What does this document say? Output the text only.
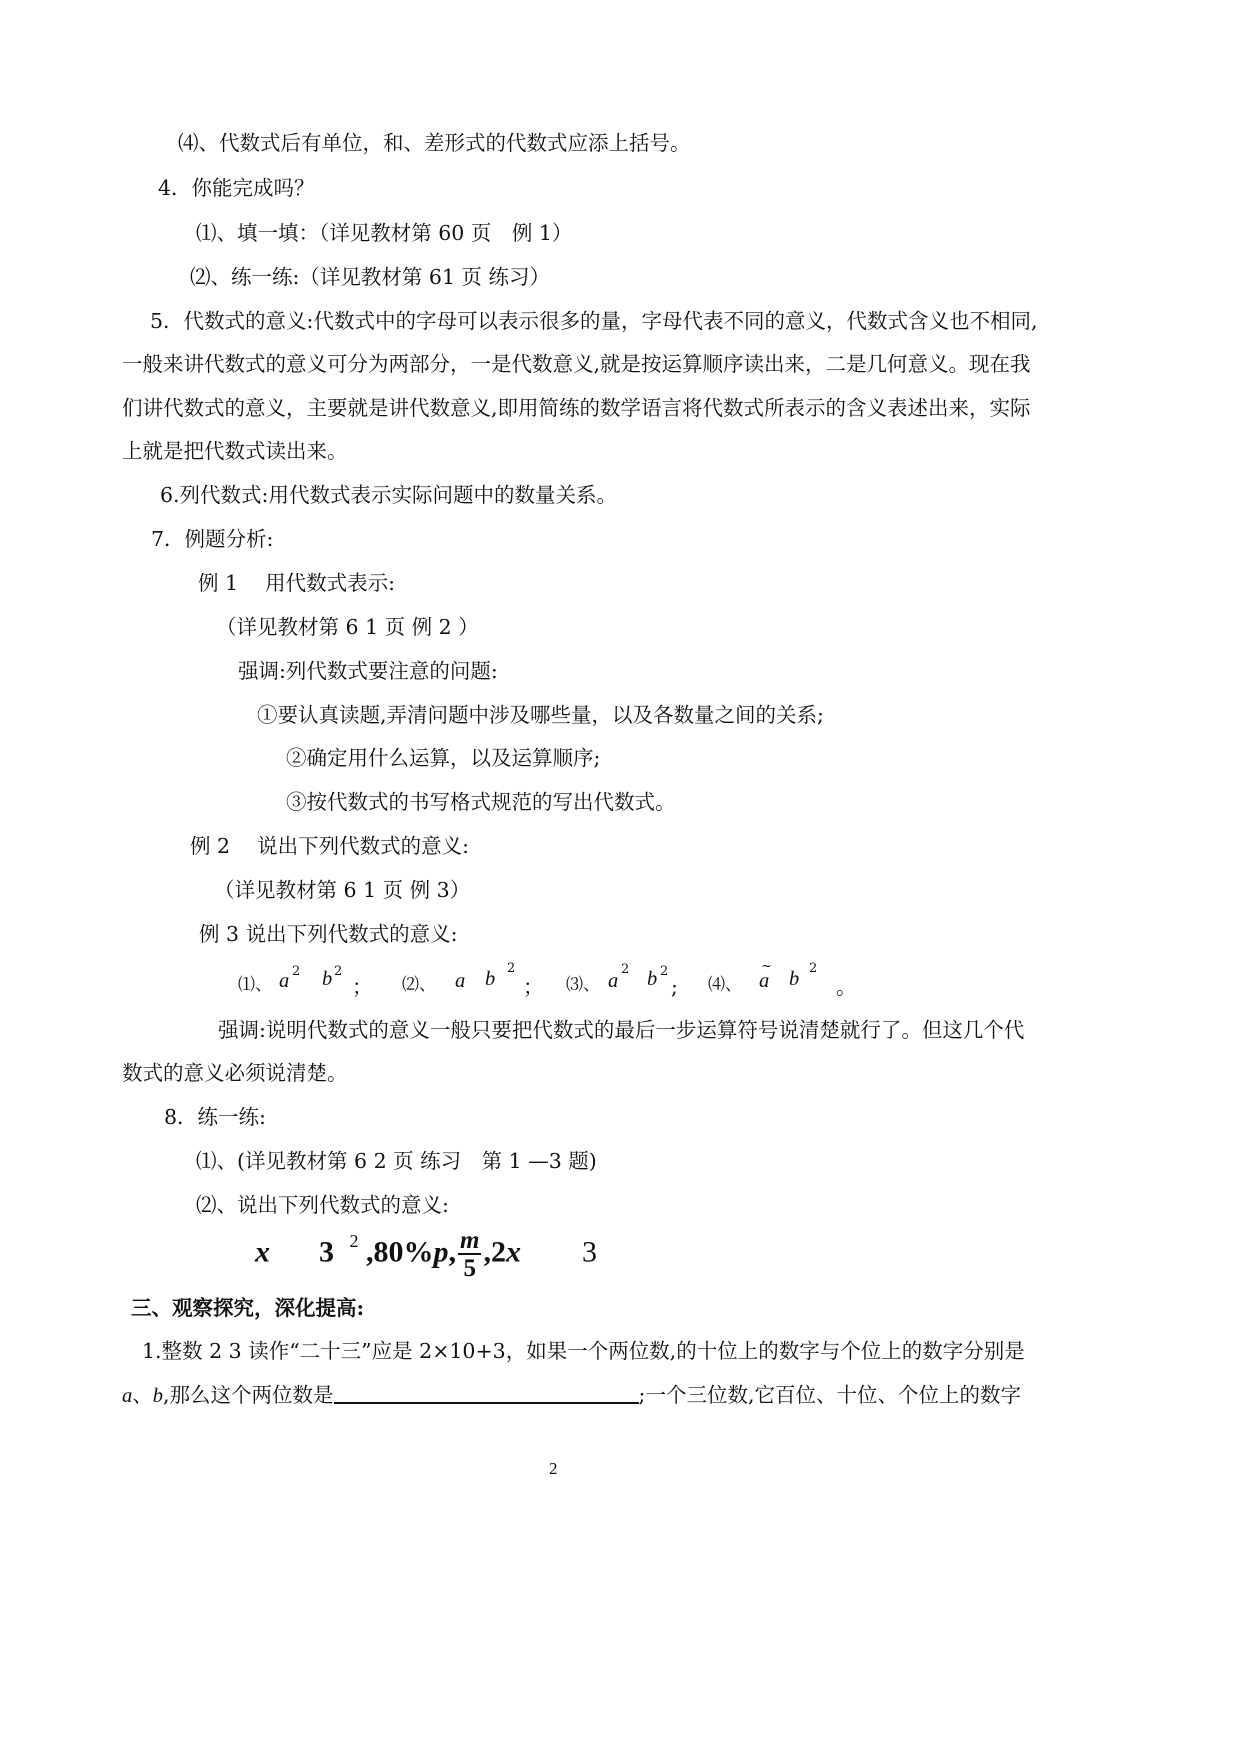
⑷、代数式后有单位，和、差形式的代数式应添上括号。
4．你能完成吗？
⑴、填一填：（详见教材第 60 页　例 1）
⑵、练一练:（详见教材第 61 页 练习）
5．代数式的意义:代数式中的字母可以表示很多的量，字母代表不同的意义，代数式含义也不相同,
一般来讲代数式的意义可分为两部分，一是代数意义,就是按运算顺序读出来，二是几何意义。现在我
们讲代数式的意义，主要就是讲代数意义,即用简练的数学语言将代数式所表示的含义表述出来，实际
上就是把代数式读出来。
6.列代数式:用代数式表示实际问题中的数量关系。
7．例题分析:
例 1　 用代数式表示:
（详见教材第 6 1 页 例 2 ）
强调:列代数式要注意的问题:
①要认真读题,弄清问题中涉及哪些量，以及各数量之间的关系;
②确定用什么运算，以及运算顺序;
③按代数式的书写格式规范的写出代数式。
例 2　 说出下列代数式的意义:
（详见教材第 6 1 页 例 3）
例 3 说出下列代数式的意义:
⑴、 a 2 b 2
； ⑵、 a b 2
； ⑶、 a
2 b 2
; ⑷、 a
~
b 2
。
强调:说明代数式的意义一般只要把代数式的最后一步运算符号说清楚就行了。但这几个代
数式的意义必须说清楚。
8．练一练:
⑴、(详见教材第 6 2 页 练习　第 1 —3 题)
⑵、说出下列代数式的意义:
x 3 $^2$ ,80%p, $\frac{m}{5} ,2x$ 3
三、观察探究，深化提高:
1.整数 2 3 读作“二十三”应是 2×10+3，如果一个两位数,的十位上的数字与个位上的数字分别是
a、b,那么这个两位数是	;一个三位数,它百位、十位、个位上的数字
2
